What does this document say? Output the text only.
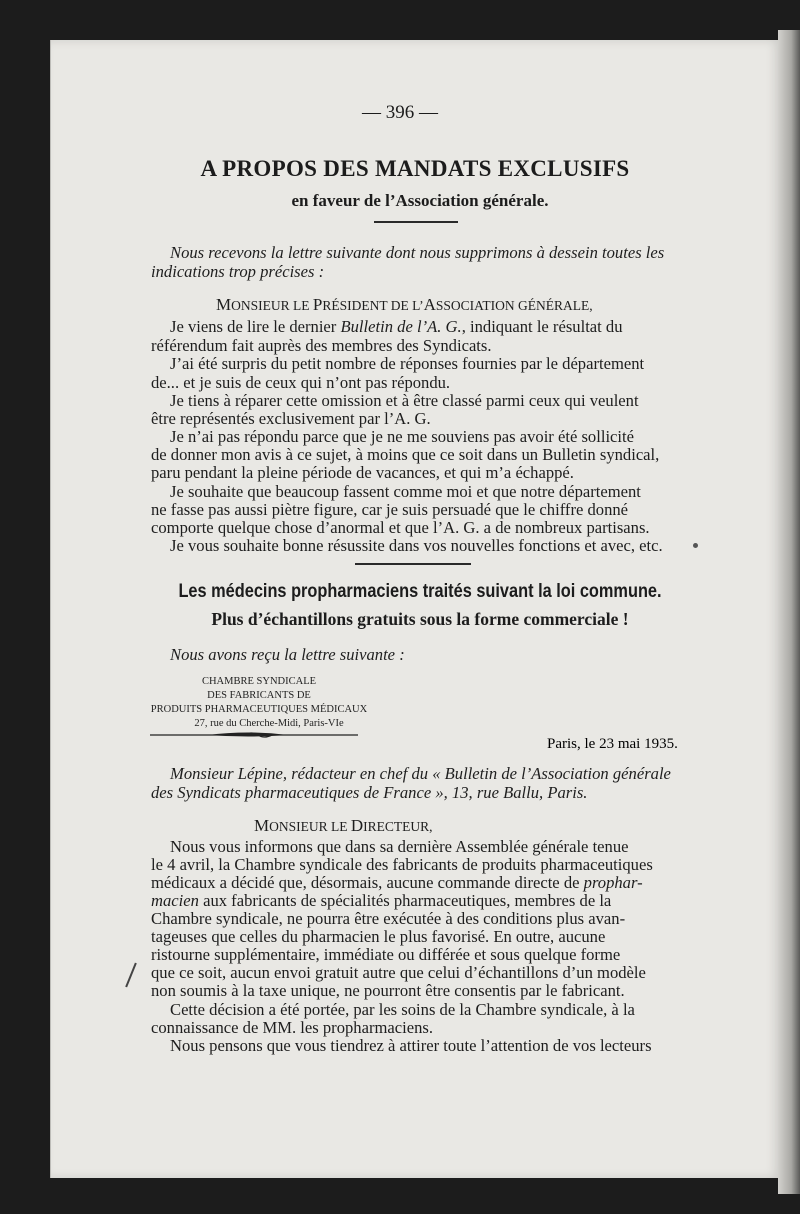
— 396 —
A PROPOS DES MANDATS EXCLUSIFS
en faveur de l’Association générale.
Nous recevons la lettre suivante dont nous supprimons à dessein toutes les
indications trop précises :
MONSIEUR LE PRÉSIDENT DE L’ASSOCIATION GÉNÉRALE,
Je viens de lire le dernier Bulletin de l’A. G., indiquant le résultat du
référendum fait auprès des membres des Syndicats.
J’ai été surpris du petit nombre de réponses fournies par le département
de... et je suis de ceux qui n’ont pas répondu.
Je tiens à réparer cette omission et à être classé parmi ceux qui veulent
être représentés exclusivement par l’A. G.
Je n’ai pas répondu parce que je ne me souviens pas avoir été sollicité
de donner mon avis à ce sujet, à moins que ce soit dans un Bulletin syndical,
paru pendant la pleine période de vacances, et qui m’a échappé.
Je souhaite que beaucoup fassent comme moi et que notre département
ne fasse pas aussi piètre figure, car je suis persuadé que le chiffre donné
comporte quelque chose d’anormal et que l’A. G. a de nombreux partisans.
Je vous souhaite bonne résussite dans vos nouvelles fonctions et avec, etc.
Les médecins propharmaciens traités suivant la loi commune.
Plus d’échantillons gratuits sous la forme commerciale !
Nous avons reçu la lettre suivante :
CHAMBRE SYNDICALE
DES FABRICANTS DE
PRODUITS PHARMACEUTIQUES MÉDICAUX
27, rue du Cherche-Midi, Paris-VIe
Paris, le 23 mai 1935.
Monsieur Lépine, rédacteur en chef du « Bulletin de l’Association générale
des Syndicats pharmaceutiques de France », 13, rue Ballu, Paris.
MONSIEUR LE DIRECTEUR,
Nous vous informons que dans sa dernière Assemblée générale tenue
le 4 avril, la Chambre syndicale des fabricants de produits pharmaceutiques
médicaux a décidé que, désormais, aucune commande directe de prophar-
macien aux fabricants de spécialités pharmaceutiques, membres de la
Chambre syndicale, ne pourra être exécutée à des conditions plus avan-
tageuses que celles du pharmacien le plus favorisé. En outre, aucune
ristourne supplémentaire, immédiate ou différée et sous quelque forme
que ce soit, aucun envoi gratuit autre que celui d’échantillons d’un modèle
non soumis à la taxe unique, ne pourront être consentis par le fabricant.
Cette décision a été portée, par les soins de la Chambre syndicale, à la
connaissance de MM. les propharmaciens.
Nous pensons que vous tiendrez à attirer toute l’attention de vos lecteurs
